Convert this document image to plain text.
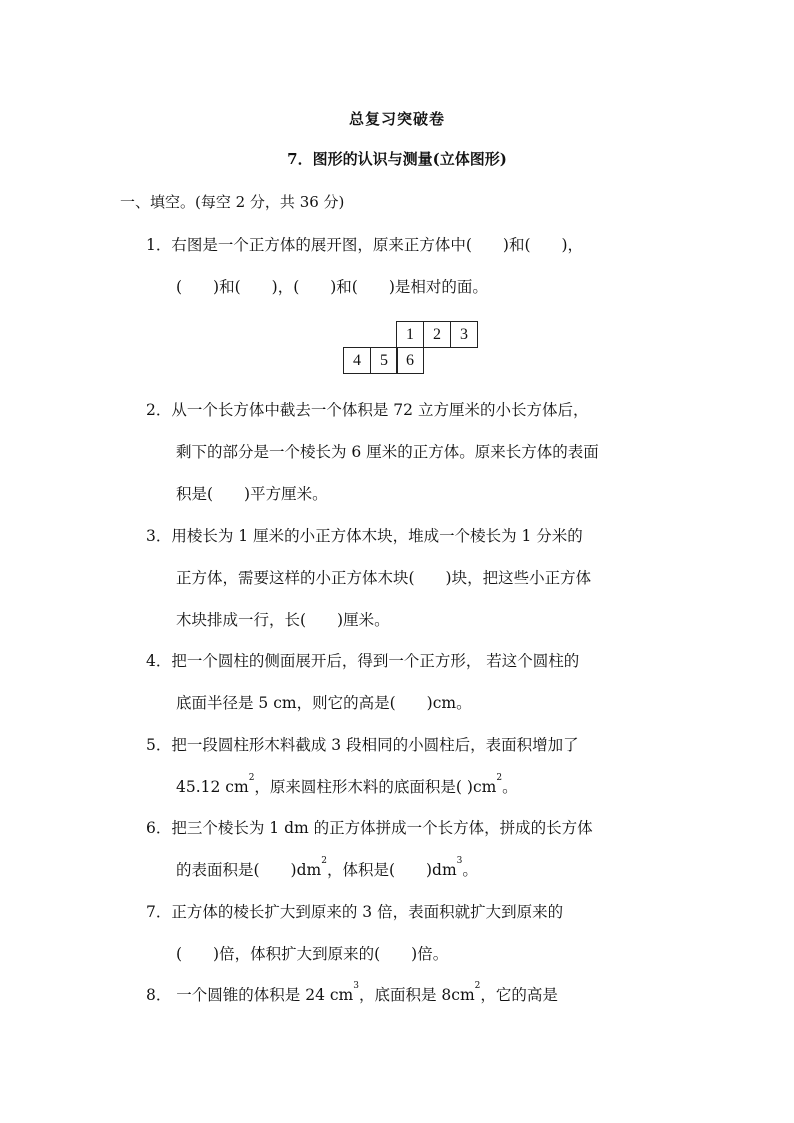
总复习突破卷
7．图形的认识与测量(立体图形)
一、填空。(每空 2 分，共 36 分)
1．右图是一个正方体的展开图，原来正方体中(　　)和(　　)，
(　　)和(　　)，(　　)和(　　)是相对的面。
1	2	3
4	5	6
2．从一个长方体中截去一个体积是 72 立方厘米的小长方体后，
剩下的部分是一个棱长为 6 厘米的正方体。原来长方体的表面
积是(　　)平方厘米。
3．用棱长为 1 厘米的小正方体木块，堆成一个棱长为 1 分米的
正方体，需要这样的小正方体木块(　　)块，把这些小正方体
木块排成一行，长(　　)厘米。
4．把一个圆柱的侧面展开后，得到一个正方形， 若这个圆柱的
底面半径是 5 cm，则它的高是(　　)cm。
5．把一段圆柱形木料截成 3 段相同的小圆柱后，表面积增加了
45.12 $cm^2$，原来圆柱形木料的底面积是( )$cm^2$。
6．把三个棱长为 1 dm 的正方体拼成一个长方体，拼成的长方体
的表面积是(　　)$dm^2$，体积是(　　)$dm^3$。
7．正方体的棱长扩大到原来的 3 倍，表面积就扩大到原来的
(　　)倍，体积扩大到原来的(　　)倍。
8． 一个圆锥的体积是 24 $cm^3$，底面积是 $8cm^2$，它的高是
